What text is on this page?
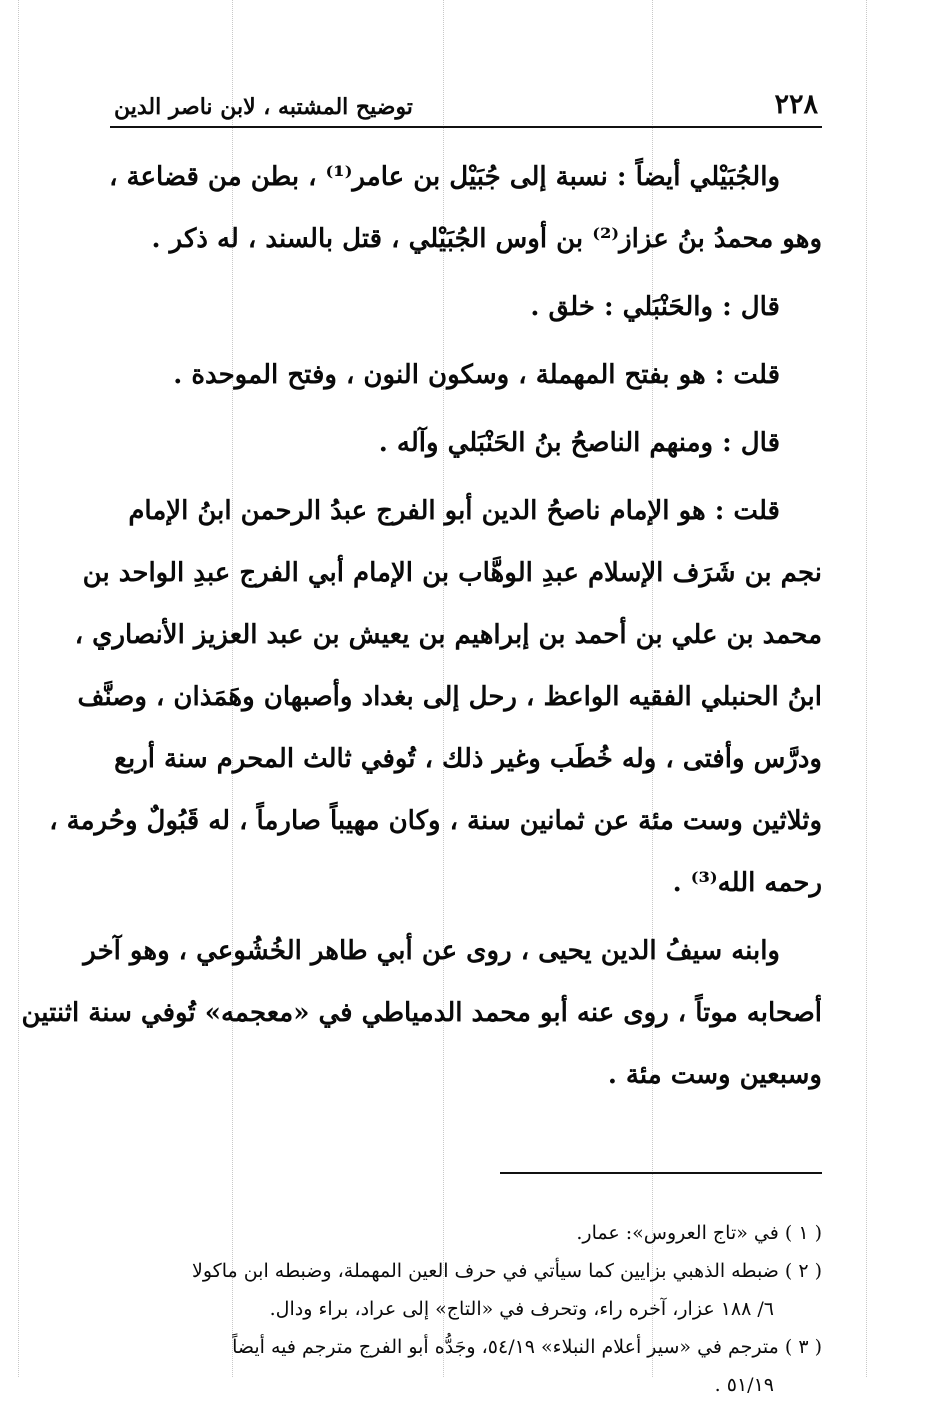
٢٢٨
توضيح المشتبه ، لابن ناصر الدين

والجُبَيْلي أيضاً : نسبة إلى جُبَيْل بن عامر⁽¹⁾ ، بطن من قضاعة ،
وهو محمدُ بنُ عزاز⁽²⁾ بن أوس الجُبَيْلي ، قتل بالسند ، له ذكر .

قال : والحَنْبَلي : خلق .

قلت : هو بفتح المهملة ، وسكون النون ، وفتح الموحدة .

قال : ومنهم الناصحُ بنُ الحَنْبَلي وآله .

قلت : هو الإمام ناصحُ الدين أبو الفرج عبدُ الرحمن ابنُ الإمام
نجم بن شَرَف الإسلام عبدِ الوهَّاب بن الإمام أبي الفرج عبدِ الواحد بن
محمد بن علي بن أحمد بن إبراهيم بن يعيش بن عبد العزيز الأنصاري ،
ابنُ الحنبلي الفقيه الواعظ ، رحل إلى بغداد وأصبهان وهَمَذان ، وصنَّف
ودرَّس وأفتى ، وله خُطَب وغير ذلك ، تُوفي ثالث المحرم سنة أربع
وثلاثين وست مئة عن ثمانين سنة ، وكان مهيباً صارماً ، له قَبُولٌ وحُرمة ،
رحمه الله⁽³⁾ .

وابنه سيفُ الدين يحيى ، روى عن أبي طاهر الخُشُوعي ، وهو آخر
أصحابه موتاً ، روى عنه أبو محمد الدمياطي في «معجمه» تُوفي سنة اثنتين
وسبعين وست مئة .

( ١ ) في «تاج العروس»: عمار.

( ٢ ) ضبطه الذهبي بزايين كما سيأتي في حرف العين المهملة، وضبطه ابن ماكولا

٦/ ١٨٨ عزار، آخره راء، وتحرف في «التاج» إلى عراد، براء ودال.

( ٣ ) مترجم في «سير أعلام النبلاء» ٥٤/١٩، وجَدُّه أبو الفرج مترجم فيه أيضاً

٥١/١٩ .
